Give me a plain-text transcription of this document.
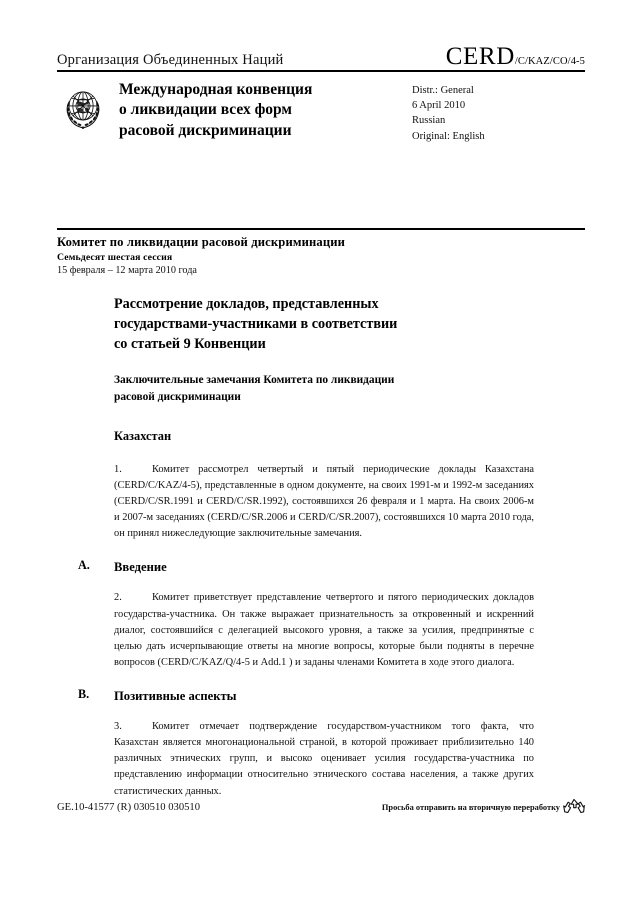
Организация Объединенных Наций	CERD/C/KAZ/CO/4-5
Международная конвенция
о ликвидации всех форм
расовой дискриминации
Distr.: General
6 April 2010
Russian
Original: English
Комитет по ликвидации расовой дискриминации
Семьдесят шестая сессия
15 февраля – 12 марта 2010 года
Рассмотрение докладов, представленных
государствами-участниками в соответствии
со статьей 9 Конвенции
Заключительные замечания Комитета по ликвидации
расовой дискриминации
Казахстан

1.	Комитет рассмотрел четвертый и пятый периодические доклады Казахстана (CERD/C/KAZ/4-5), представленные в одном документе, на своих 1991-м и 1992-м заседаниях (CERD/C/SR.1991 и CERD/C/SR.1992), состоявшихся 26 февраля и 1 марта. На своих 2006-м и 2007-м заседаниях (CERD/C/SR.2006 и CERD/C/SR.2007), состоявшихся 10 марта 2010 года, он принял нижеследующие заключительные замечания.

A. Введение

2.	Комитет приветствует представление четвертого и пятого периодических докладов государства-участника. Он также выражает признательность за откровенный и искренний диалог, состоявшийся с делегацией высокого уровня, а также за усилия, предпринятые с целью дать исчерпывающие ответы на многие вопросы, которые были подняты в перечне вопросов (CERD/C/KAZ/Q/4-5 и Add.1 ) и заданы членами Комитета в ходе этого диалога.

B. Позитивные аспекты

3.	Комитет отмечает подтверждение государством-участником того факта, что Казахстан является многонациональной страной, в которой проживает приблизительно 140 различных этнических групп, и высоко оценивает усилия государства-участника по представлению информации относительно этнического состава населения, а также других статистических данных.

GE.10-41577 (R) 030510 030510	Просьба отправить на вторичную переработку
